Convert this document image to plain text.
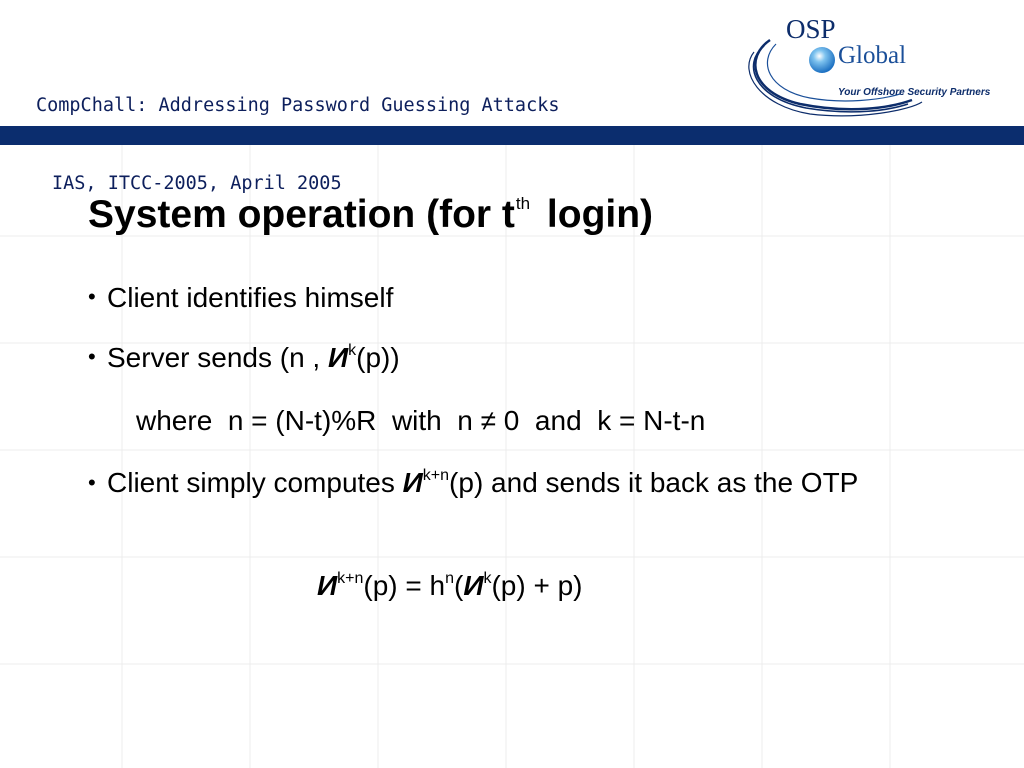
CompChall: Addressing Password Guessing Attacks

IAS, ITCC-2005, April 2005

OSP
Global
Your Offshore Security Partners
System operation (for $t^{th}$ login)
• Client identifies himself
• Server sends (n , $И^k(p)$)
where  n = (N-t)%R  with  n ≠ 0  and  k = N-t-n
• Client simply computes $И^{k+n}(p)$ and sends it back as the OTP
$И^{k+n}(p) = h^n(И^k(p) + p)$
